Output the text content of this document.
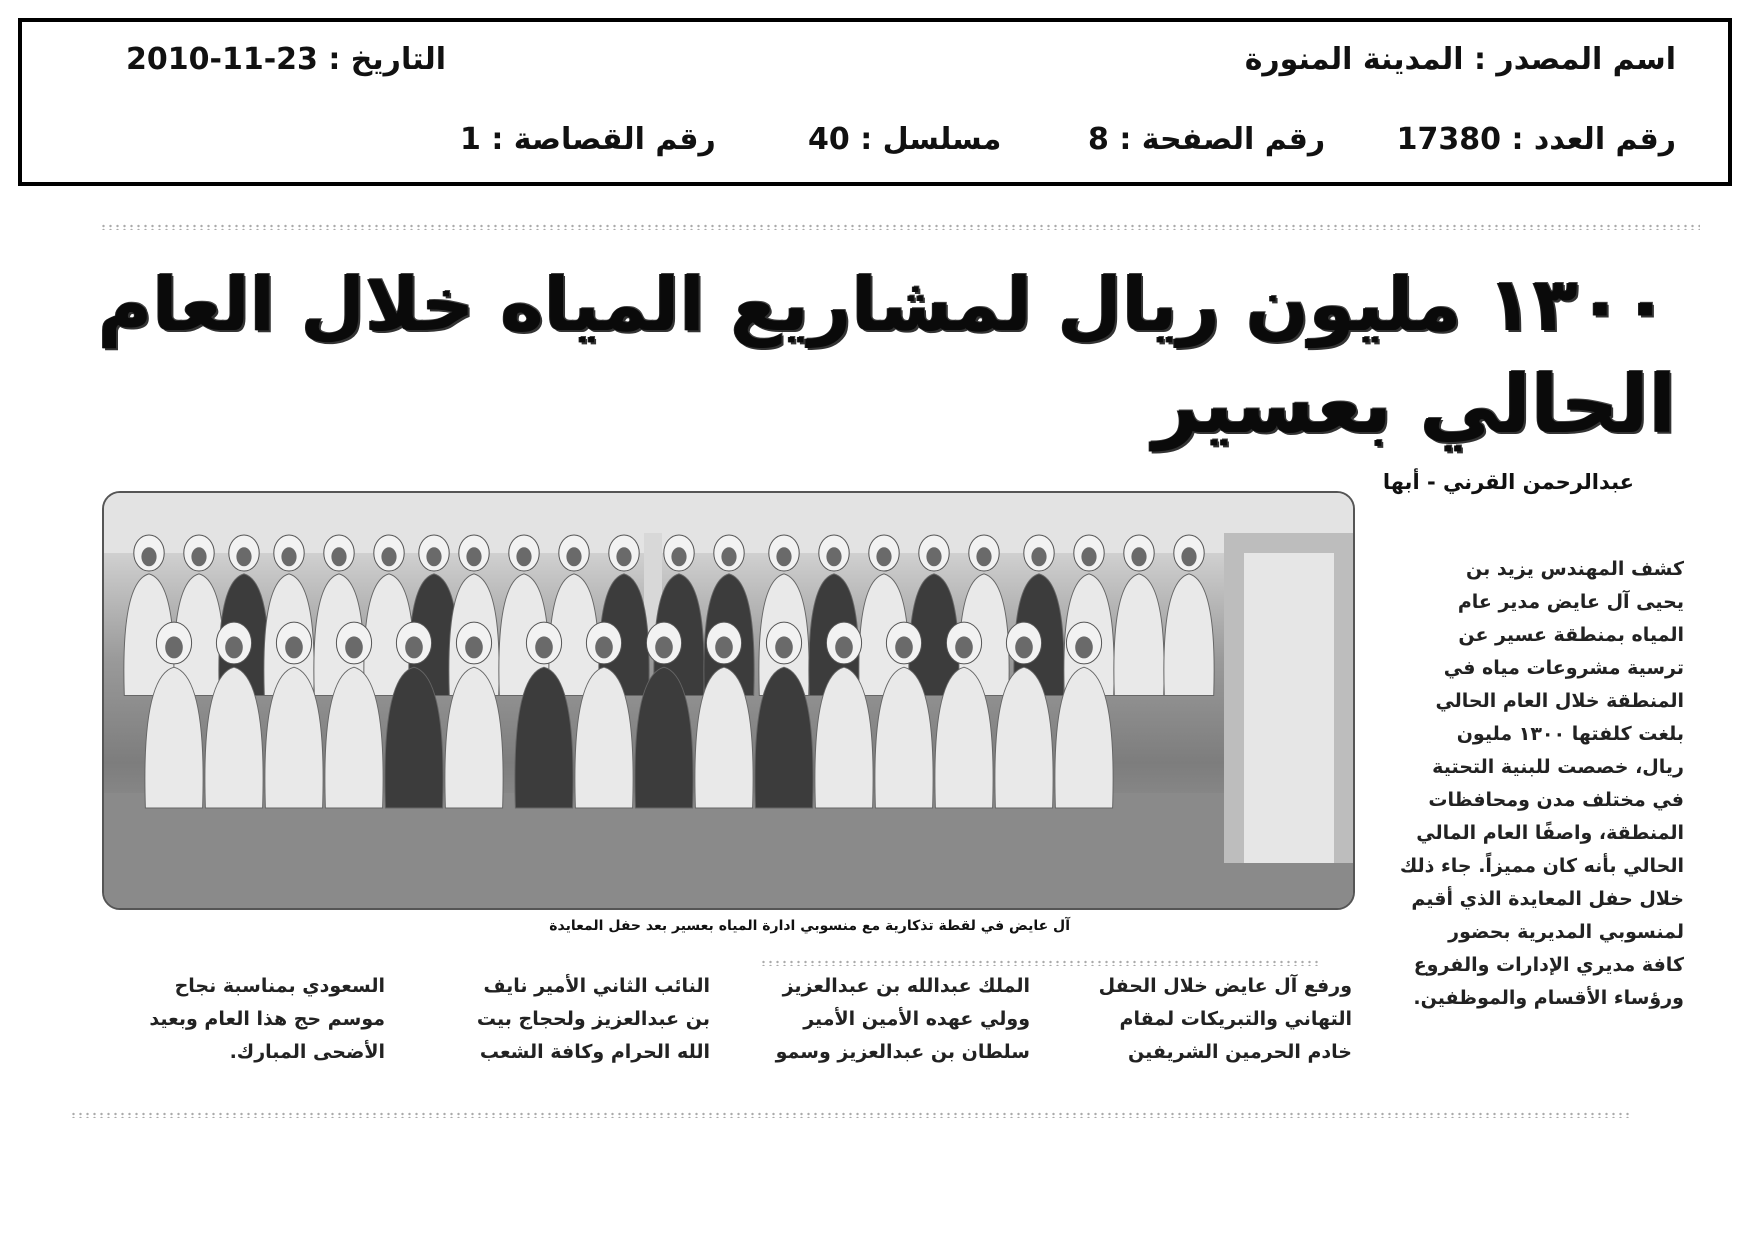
اسم المصدر : المدينة المنورة
التاريخ : 23-11-2010
رقم العدد : 17380
رقم الصفحة : 8
مسلسل : 40
رقم القصاصة : 1
١٣٠٠ مليون ريال لمشاريع المياه خلال العام
الحالي بعسير
عبدالرحمن القرني - أبها
آل عايض في لقطة تذكارية مع منسوبي ادارة المياه بعسير بعد حفل المعايدة
كشف المهندس يزيد بن
يحيى آل عايض مدير عام
المياه بمنطقة عسير عن
ترسية مشروعات مياه في
المنطقة خلال العام الحالي
بلغت كلفتها ١٣٠٠ مليون
ريال، خصصت للبنية التحتية
في مختلف مدن ومحافظات
المنطقة، واصفًا العام المالي
الحالي بأنه كان مميزاً. جاء ذلك
خلال حفل المعايدة الذي أقيم
لمنسوبي المديرية بحضور
كافة مديري الإدارات والفروع
ورؤساء الأقسام والموظفين.
ورفع آل عايض خلال الحفل
التهاني والتبريكات لمقام
خادم الحرمين الشريفين
الملك عبدالله بن عبدالعزيز
وولي عهده الأمين الأمير
سلطان بن عبدالعزيز وسمو
النائب الثاني الأمير نايف
بن عبدالعزيز ولحجاج بيت
الله الحرام وكافة الشعب
السعودي بمناسبة نجاح
موسم حج هذا العام وبعيد
الأضحى المبارك.
